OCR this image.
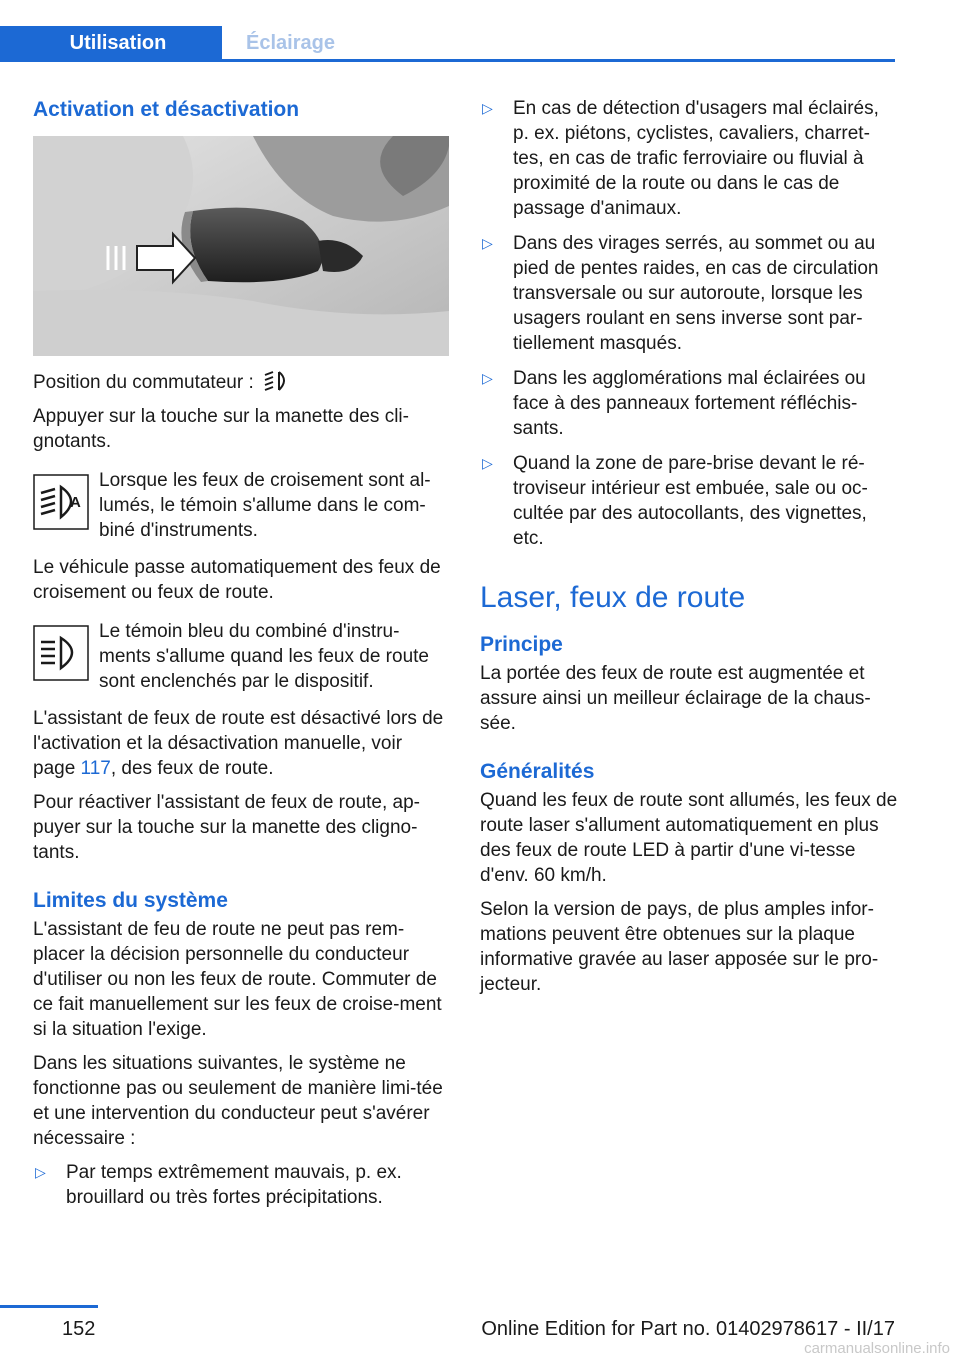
Utilisation	Éclairage
Activation et désactivation

Position du commutateur :

Appuyer sur la touche sur la manette des cli-gnotants.

A

Lorsque les feux de croisement sont al-lumés, le témoin s'allume dans le com-biné d'instruments.

Le véhicule passe automatiquement des feux de croisement ou feux de route.

Le témoin bleu du combiné d'instru-ments s'allume quand les feux de route sont enclenchés par le dispositif.

L'assistant de feux de route est désactivé lors de l'activation et la désactivation manuelle, voir page 117, des feux de route.

Pour réactiver l'assistant de feux de route, ap-puyer sur la touche sur la manette des cligno-tants.

Limites du système

L'assistant de feu de route ne peut pas rem-placer la décision personnelle du conducteur d'utiliser ou non les feux de route. Commuter de ce fait manuellement sur les feux de croise-ment si la situation l'exige.

Dans les situations suivantes, le système ne fonctionne pas ou seulement de manière limi-tée et une intervention du conducteur peut s'avérer nécessaire :

▷ Par temps extrêmement mauvais, p. ex. brouillard ou très fortes précipitations.
▷ En cas de détection d'usagers mal éclairés, p. ex. piétons, cyclistes, cavaliers, charret-tes, en cas de trafic ferroviaire ou fluvial à proximité de la route ou dans le cas de passage d'animaux.
▷ Dans des virages serrés, au sommet ou au pied de pentes raides, en cas de circulation transversale ou sur autoroute, lorsque les usagers roulant en sens inverse sont par-tiellement masqués.
▷ Dans les agglomérations mal éclairées ou face à des panneaux fortement réfléchis-sants.
▷ Quand la zone de pare-brise devant le ré-troviseur intérieur est embuée, sale ou oc-cultée par des autocollants, des vignettes, etc.
Laser, feux de route
Principe

La portée des feux de route est augmentée et assure ainsi un meilleur éclairage de la chaus-sée.

Généralités

Quand les feux de route sont allumés, les feux de route laser s'allument automatiquement en plus des feux de route LED à partir d'une vi-tesse d'env. 60 km/h.

Selon la version de pays, de plus amples infor-mations peuvent être obtenues sur la plaque informative gravée au laser apposée sur le pro-jecteur.

152	Online Edition for Part no. 01402978617 - II/17
carmanualsonline.info
